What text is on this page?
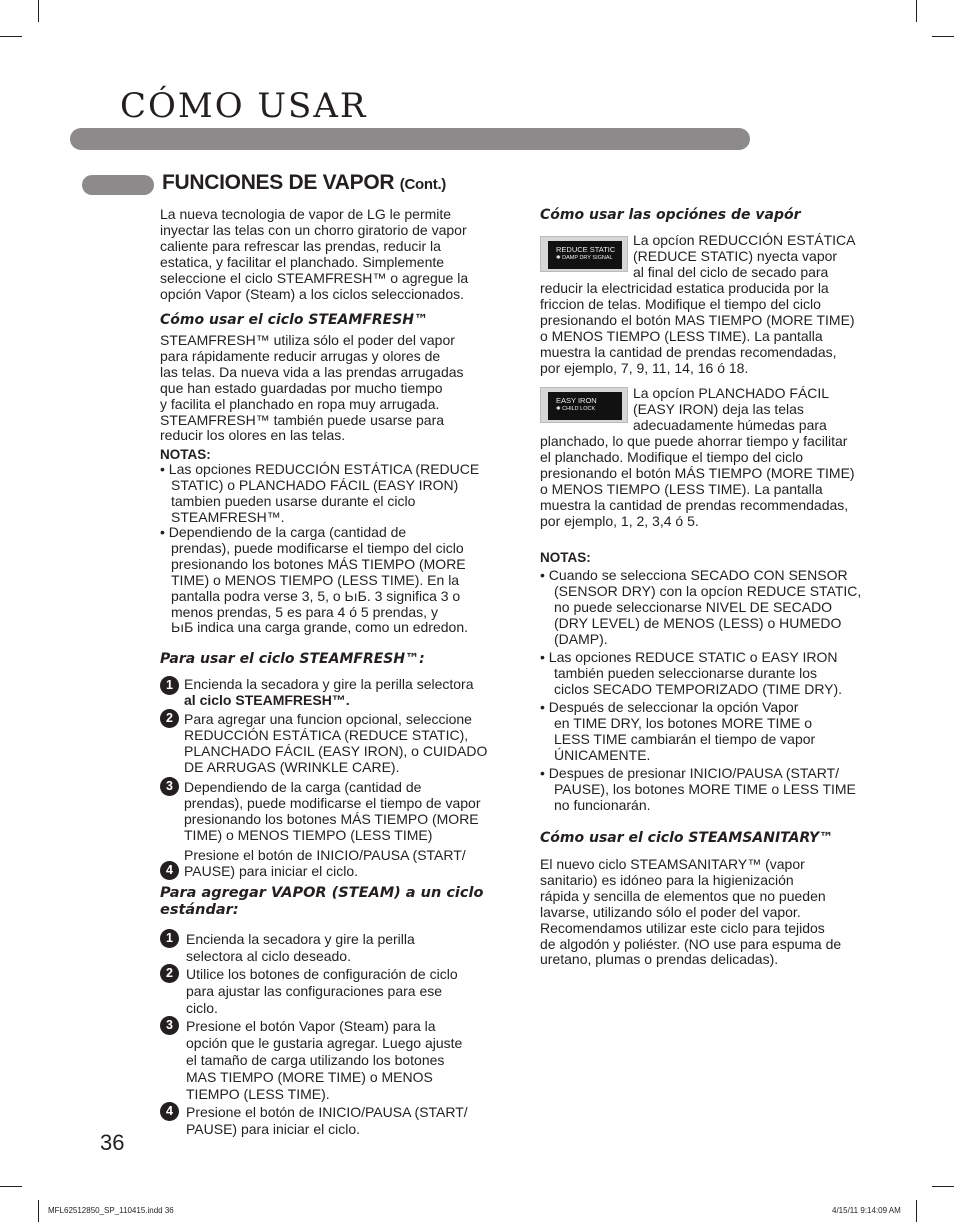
CÓMO USAR
FUNCIONES DE VAPOR (Cont.)
La nueva tecnologia de vapor de LG le permite
inyectar las telas con un chorro giratorio de vapor
caliente para refrescar las prendas, reducir la
estatica, y facilitar el planchado. Simplemente
seleccione el ciclo STEAMFRESH™ o agregue la
opción Vapor (Steam) a los ciclos seleccionados.
Cómo usar el ciclo STEAMFRESH™
STEAMFRESH™ utiliza sólo el poder del vapor
para rápidamente reducir arrugas y olores de
las telas. Da nueva vida a las prendas arrugadas
que han estado guardadas por mucho tiempo
y facilita el planchado en ropa muy arrugada.
STEAMFRESH™ también puede usarse para
reducir los olores en las telas.
NOTAS:
• Las opciones REDUCCIÓN ESTÁTICA (REDUCE
STATIC) o PLANCHADO FÁCIL (EASY IRON)
tambien pueden usarse durante el ciclo
STEAMFRESH™.
• Dependiendo de la carga (cantidad de
prendas), puede modificarse el tiempo del ciclo
presionando los botones MÁS TIEMPO (MORE
TIME) o MENOS TIEMPO (LESS TIME). En la
pantalla podra verse 3, 5, o ЬıБ. 3 significa 3 o
menos prendas, 5 es para 4 ó 5 prendas, y
ЬıБ indica una carga grande, como un edredon.
Para usar el ciclo STEAMFRESH™:
1 Encienda la secadora y gire la perilla selectora
al ciclo STEAMFRESH™.
2 Para agregar una funcion opcional, seleccione
REDUCCIÓN ESTÁTICA (REDUCE STATIC),
PLANCHADO FÁCIL (EASY IRON), o CUIDADO
DE ARRUGAS (WRINKLE CARE).
3 Dependiendo de la carga (cantidad de
prendas), puede modificarse el tiempo de vapor
presionando los botones MÁS TIEMPO (MORE
TIME) o MENOS TIEMPO (LESS TIME)
4
Presione el botón de INICIO/PAUSA (START/
PAUSE) para iniciar el ciclo.
Para agregar VAPOR (STEAM) a un ciclo
estándar:
1 Encienda la secadora y gire la perilla
selectora al ciclo deseado.
2 Utilice los botones de configuración de ciclo
para ajustar las configuraciones para ese
ciclo.
3 Presione el botón Vapor (Steam) para la
opción que le gustaria agregar. Luego ajuste
el tamaño de carga utilizando los botones
MAS TIEMPO (MORE TIME) o MENOS
TIEMPO (LESS TIME).
4 Presione el botón de INICIO/PAUSA (START/
PAUSE) para iniciar el ciclo.
Cómo usar las opciónes de vapór
REDUCE STATIC
✱ DAMP DRY SIGNAL
La opcíon REDUCCIÓN ESTÁTICA
(REDUCE STATIC) nyecta vapor
al final del ciclo de secado para
reducir la electricidad estatica producida por la
friccion de telas. Modifique el tiempo del ciclo
presionando el botón MAS TIEMPO (MORE TIME)
o MENOS TIEMPO (LESS TIME). La pantalla
muestra la cantidad de prendas recomendadas,
por ejemplo, 7, 9, 11, 14, 16 ó 18.
EASY IRON
✱ CHILD LOCK
La opcíon PLANCHADO FÁCIL
(EASY IRON) deja las telas
adecuadamente húmedas para
planchado, lo que puede ahorrar tiempo y facilitar
el planchado. Modifique el tiempo del ciclo
presionando el botón MÁS TIEMPO (MORE TIME)
o MENOS TIEMPO (LESS TIME). La pantalla
muestra la cantidad de prendas recommendadas,
por ejemplo, 1, 2, 3,4 ó 5.
NOTAS:
• Cuando se selecciona SECADO CON SENSOR
(SENSOR DRY) con la opcíon REDUCE STATIC,
no puede seleccionarse NIVEL DE SECADO
(DRY LEVEL) de MENOS (LESS) o HUMEDO
(DAMP).
• Las opciones REDUCE STATIC o EASY IRON
también pueden seleccionarse durante los
ciclos SECADO TEMPORIZADO (TIME DRY).
• Después de seleccionar la opción Vapor
en TIME DRY, los botones MORE TIME o
LESS TIME cambiarán el tiempo de vapor
ÚNICAMENTE.
• Despues de presionar INICIO/PAUSA (START/
PAUSE), los botones MORE TIME o LESS TIME
no funcionarán.
Cómo usar el ciclo STEAMSANITARY™
El nuevo ciclo STEAMSANITARY™ (vapor
sanitario) es idóneo para la higienización
rápida y sencilla de elementos que no pueden
lavarse, utilizando sólo el poder del vapor.
Recomendamos utilizar este ciclo para tejidos
de algodón y poliéster. (NO use para espuma de
uretano, plumas o prendas delicadas).
36
MFL62512850_SP_110415.indd 36	4/15/11 9:14:09 AM
